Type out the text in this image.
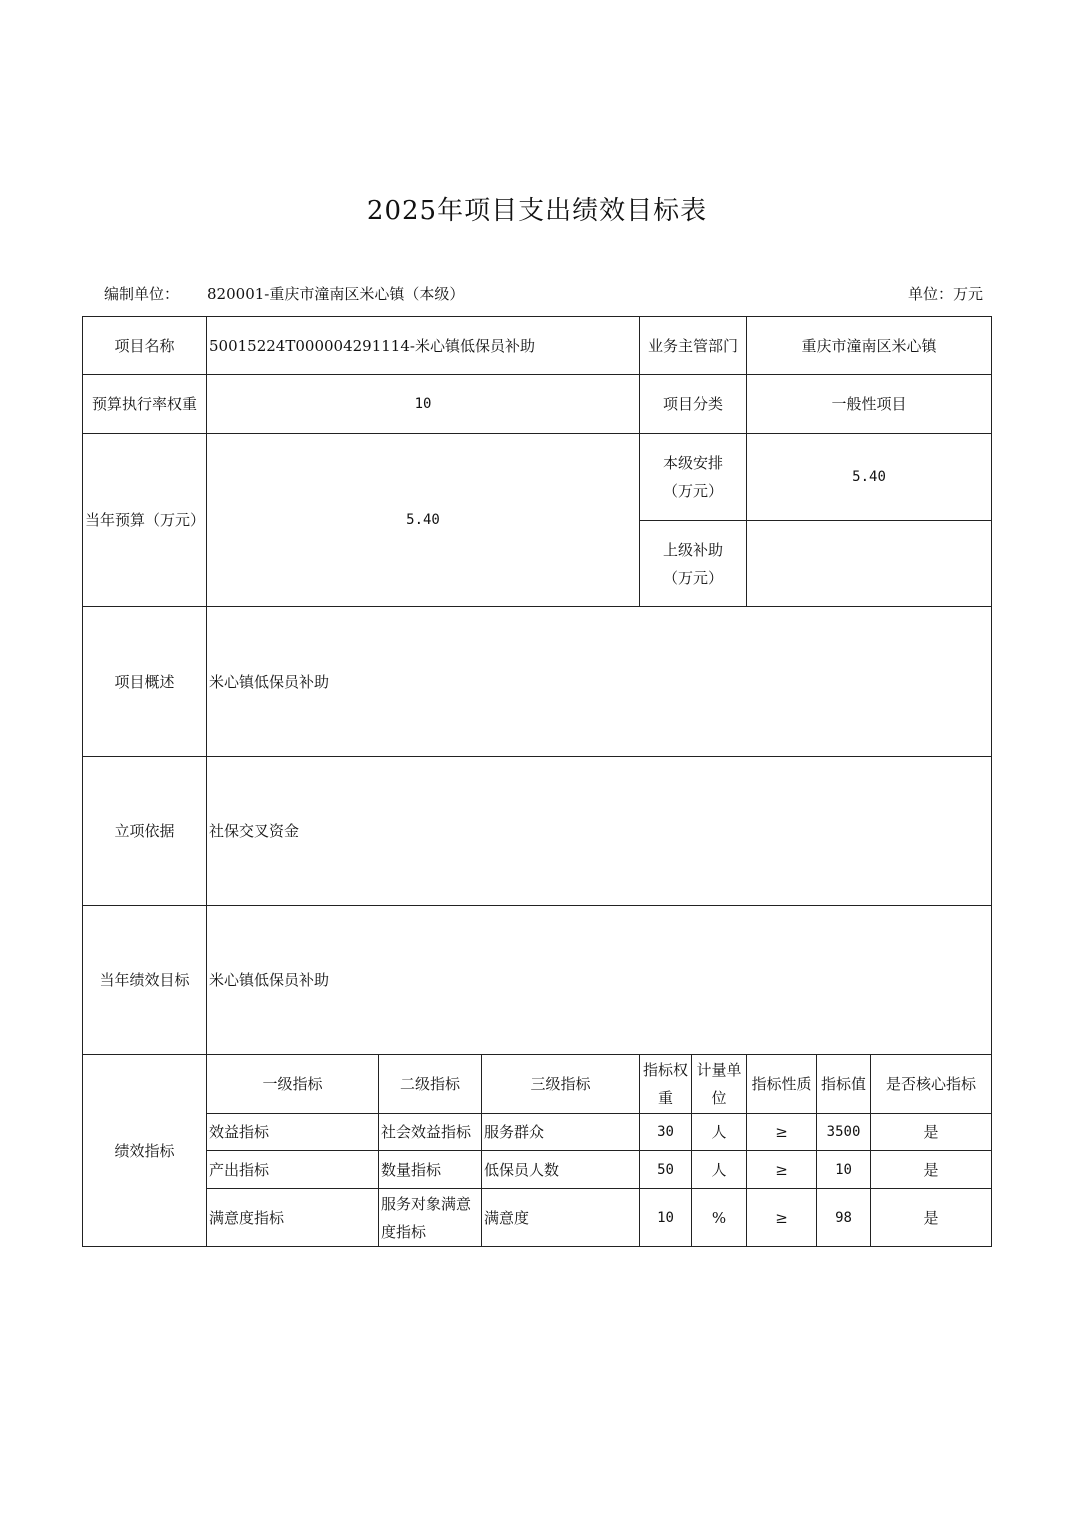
2025年项目支出绩效目标表
编制单位： 820001-重庆市潼南区米心镇（本级）	单位：万元
项目名称	50015224T000004291114-米心镇低保员补助			业务主管部门		重庆市潼南区米心镇		
预算执行率权重	10			项目分类		一般性项目		
当年预算（万元）	5.40			本级安排（万元）		5.40		
				上级补助（万元）				
项目概述	米心镇低保员补助							
立项依据	社保交叉资金							
当年绩效目标	米心镇低保员补助							
绩效指标	一级指标	二级指标	三级指标	指标权重	计量单位	指标性质	指标值	是否核心指标
	效益指标	社会效益指标	服务群众	30	人	≥	3500	是
	产出指标	数量指标	低保员人数	50	人	≥	10	是
	满意度指标	服务对象满意度指标	满意度	10	%	≥	98	是
